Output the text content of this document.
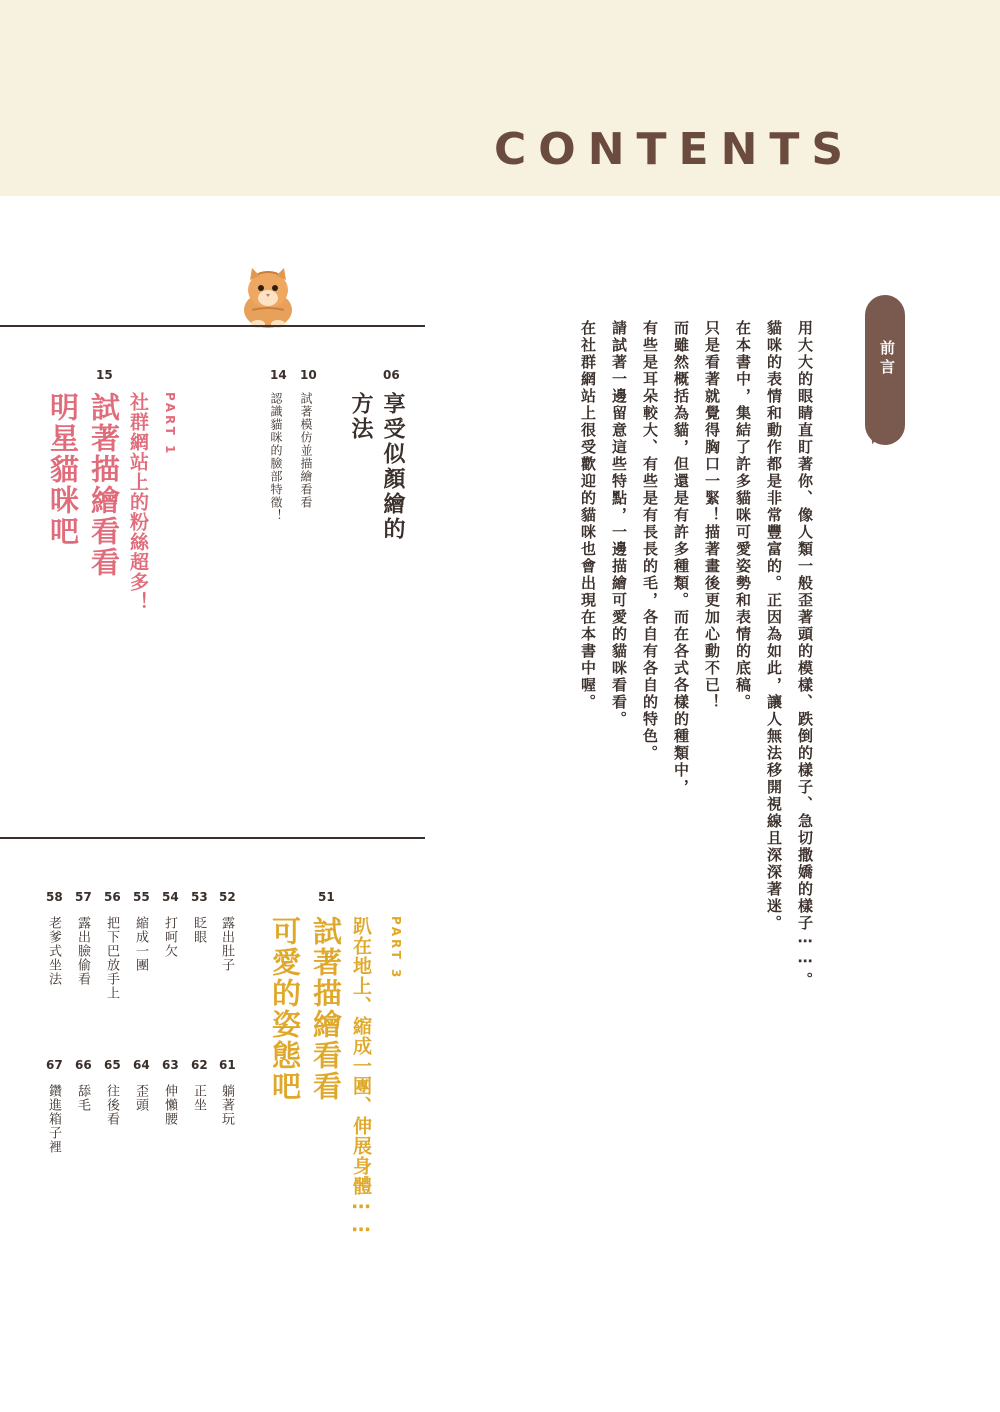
CONTENTS
前言

用大大的眼睛直盯著你、像人類一般歪著頭的模樣、跌倒的樣子、急切撒嬌的樣子⋯⋯。

貓咪的表情和動作都是非常豐富的。正因為如此，讓人無法移開視線且深深著迷。

在本書中，集結了許多貓咪可愛姿勢和表情的底稿。

只是看著就覺得胸口一緊！描著畫後更加心動不已！

而雖然概括為貓，但還是有許多種類。而在各式各樣的種類中，

有些是耳朵較大、有些是有長長的毛，各自有各自的特色。

請試著一邊留意這些特點，一邊描繪可愛的貓咪看看。

在社群網站上很受歡迎的貓咪也會出現在本書中喔。

06
享受似顏繪的
方法
10
試著模仿並描繪看看
14
認識貓咪的臉部特徵！
15
PART 1
社群網站上的粉絲超多！
試著描繪看看
明星貓咪吧
51
PART 3
趴在地上、縮成一團、伸展身體⋯⋯
試著描繪看看
可愛的姿態吧
52
露出肚子
53
眨眼
54
打呵欠
55
縮成一團
56
把下巴放手上
57
露出臉偷看
58
老爹式坐法
61
躺著玩
62
正坐
63
伸懶腰
64
歪頭
65
往後看
66
舔毛
67
鑽進箱子裡
